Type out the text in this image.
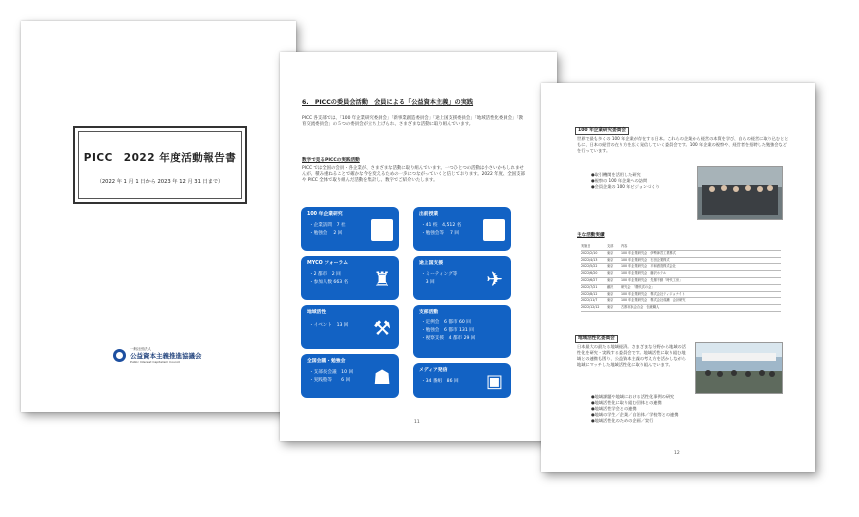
PICC　2022 年度活動報告書
（2022 年 1 月 1 日から 2023 年 12 月 31 日まで）
一般社団法人
公益資本主義推進協議会
Public Interest Capitalism Council
6.　PICCの委員会活動　会員による「公益資本主義」の実践
PICC 各支部では、「100 年企業研究委員会」「新事業創造委員会」「途上国支援委員会」「地域活性化委員会」「教育交流委員会」の５つの委員会が立ち上げられ、さまざまな活動に取り組んでいます。
数字で見るPICCの実践活動
PICC では全国の会員・各企業が、さまざまな活動に取り組んでいます。一つひとつの活動は小さいかもしれませんが、積み重ねることで確かな今を変えるための一歩につながっていくと信じております。2022 年度、全国支部や PICC 全体で取り組んだ活動を集計し、数字でご紹介いたします。
100 年企業研究
・企業訪問　7 社
・勉強会　 2 回
出前授業
・41 校　4,512 名
・勉強会等　 7 回
MYCO フォーラム
・2 都市　2 回
・参加人数 663 名 ♜
途上国支援
・ミーティング等
　3 回	✈
地域活性
・イベント　13 回 ⚒
支部活動
・定例会　6 都市 60 回
・勉強会　6 都市 131 回
・視察支援　4 都市 29 回
全国会議・勉強会
・支部長会議　10 回
・実践塾等　　6 回 ☗	メディア発信
・34 番組　86 回 ▣
11
100 年企業研究委員会
世界で最も多くの 100 年企業が存在する日本。これらの企業から経営の本質を学び、自らの経営に取り込むとともに、日本の経営の在り方を広く発信していく委員会です。100 年企業の視察や、経営者を招聘した勉強会などを行っています。
●取引機関を活用した研究
●視察の 100 年企業への訪問
●会員企業の 100 年ビジョンづくり
主な活動実績
実施日	支部	内容
2022/2/10	東京	100 年企業研究会　伊勢神宮工業株式
2022/4/13	東京	100 年企業研究会　石田企業株式
2022/5/22	東京	100 年企業研究会　平和酒造株式会社
2022/6/20	東京	100 年企業研究会　藤沢ホテル
2022/6/27	東京	100 年企業研究会　先輩不動「時代工房」
2022/7/21	藤沢	研究会　「鶴代次の会」
2022/8/12	東京	100 年企業研究会　株式会社ティジョナイト
2022/11/7	東京	100 年企業研究会　株式会社成瀬　会計研究
2022/12/12	東京	古都市浜会合会　伝統職人
地域活性化委員会
日本最大の最たる地域経済。さまざまな分野から地域の活性化を研究・実践する委員会です。地域活性に取り組む地域との連携も図り、公益資本主義の考え方を活かしながら地域にマッチした地域活性化に取り組んでいます。
●地域課題や地域における活性化事例の研究
●地域活性化に取り組む団体との連携
●地域活性学会との連携
●地域の学生／企業／自治体／学校等との連携
●地域活性化のための企画／実行
12
